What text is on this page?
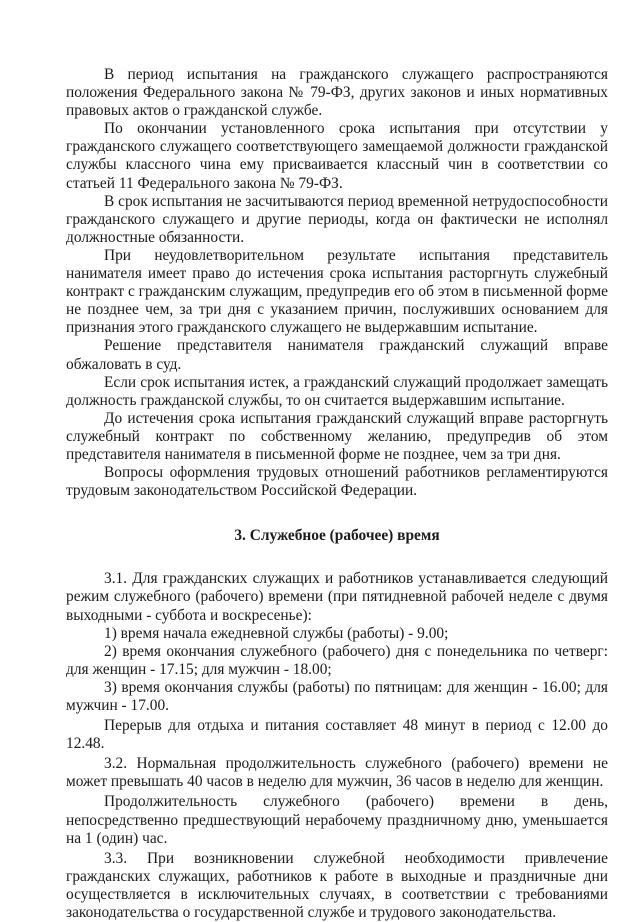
В период испытания на гражданского служащего распространяются положения Федерального закона № 79-ФЗ, других законов и иных нормативных правовых актов о гражданской службе.

По окончании установленного срока испытания при отсутствии у гражданского служащего соответствующего замещаемой должности гражданской службы классного чина ему присваивается классный чин в соответствии со статьей 11 Федерального закона № 79-ФЗ.

В срок испытания не засчитываются период временной нетрудоспособности гражданского служащего и другие периоды, когда он фактически не исполнял должностные обязанности.

При неудовлетворительном результате испытания представитель нанимателя имеет право до истечения срока испытания расторгнуть служебный контракт с гражданским служащим, предупредив его об этом в письменной форме не позднее чем, за три дня с указанием причин, послуживших основанием для признания этого гражданского служащего не выдержавшим испытание.

Решение представителя нанимателя гражданский служащий вправе обжаловать в суд.

Если срок испытания истек, а гражданский служащий продолжает замещать должность гражданской службы, то он считается выдержавшим испытание.

До истечения срока испытания гражданский служащий вправе расторгнуть служебный контракт по собственному желанию, предупредив об этом представителя нанимателя в письменной форме не позднее, чем за три дня.

Вопросы оформления трудовых отношений работников регламентируются трудовым законодательством Российской Федерации.

3. Служебное (рабочее) время

3.1. Для гражданских служащих и работников устанавливается следующий режим служебного (рабочего) времени (при пятидневной рабочей неделе с двумя выходными - суббота и воскресенье):

1) время начала ежедневной службы (работы) - 9.00;

2) время окончания служебного (рабочего) дня с понедельника по четверг: для женщин - 17.15; для мужчин - 18.00;

3) время окончания службы (работы) по пятницам: для женщин - 16.00; для мужчин - 17.00.

Перерыв для отдыха и питания составляет 48 минут в период с 12.00 до 12.48.

3.2. Нормальная продолжительность служебного (рабочего) времени не может превышать 40 часов в неделю для мужчин, 36 часов в неделю для женщин.

Продолжительность служебного (рабочего) времени в день, непосредственно предшествующий нерабочему праздничному дню, уменьшается на 1 (один) час.

3.3. При возникновении служебной необходимости привлечение гражданских служащих, работников к работе в выходные и праздничные дни осуществляется в исключительных случаях, в соответствии с требованиями законодательства о государственной службе и трудового законодательства.
